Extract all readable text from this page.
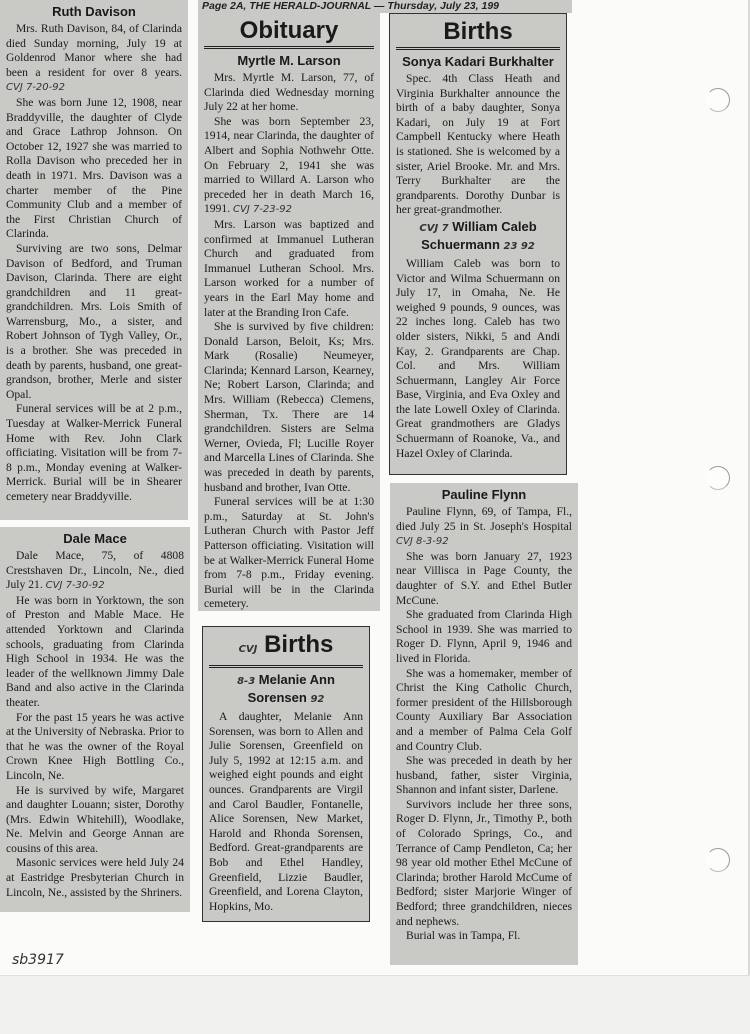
Page 2A, THE HERALD-JOURNAL — Thursday, July 23, 199
Ruth Davison

Mrs. Ruth Davison, 84, of Clarinda died Sunday morning, July 19 at Goldenrod Manor where she had been a resident for over 8 years. CVJ 7-20-92

She was born June 12, 1908, near Braddyville, the daughter of Clyde and Grace Lathrop Johnson. On October 12, 1927 she was married to Rolla Davison who preceded her in death in 1971. Mrs. Davison was a charter member of the Pine Community Club and a member of the First Christian Church of Clarinda.

Surviving are two sons, Delmar Davison of Bedford, and Truman Davison, Clarinda. There are eight grandchildren and 11 great-grandchildren. Mrs. Lois Smith of Warrensburg, Mo., a sister, and Robert Johnson of Tygh Valley, Or., is a brother. She was preceded in death by parents, husband, one great-grandson, brother, Merle and sister Opal.

Funeral services will be at 2 p.m., Tuesday at Walker-Merrick Funeral Home with Rev. John Clark officiating. Visitation will be from 7-8 p.m., Monday evening at Walker-Merrick. Burial will be in Shearer cemetery near Braddyville.

Dale Mace

Dale Mace, 75, of 4808 Crestshaven Dr., Lincoln, Ne., died July 21. CVJ 7-30-92

He was born in Yorktown, the son of Preston and Mable Mace. He attended Yorktown and Clarinda schools, graduating from Clarinda High School in 1934. He was the leader of the wellknown Jimmy Dale Band and also active in the Clarinda theater.

For the past 15 years he was active at the University of Nebraska. Prior to that he was the owner of the Royal Crown Knee High Bottling Co., Lincoln, Ne.

He is survived by wife, Margaret and daughter Louann; sister, Dorothy (Mrs. Edwin Whitehill), Woodlake, Ne. Melvin and George Annan are cousins of this area.

Masonic services were held July 24 at Eastridge Presbyterian Church in Lincoln, Ne., assisted by the Shriners.

Obituary
Myrtle M. Larson

Mrs. Myrtle M. Larson, 77, of Clarinda died Wednesday morning July 22 at her home.

She was born September 23, 1914, near Clarinda, the daughter of Albert and Sophia Nothwehr Otte. On February 2, 1941 she was married to Willard A. Larson who preceded her in death March 16, 1991. CVJ 7-23-92

Mrs. Larson was baptized and confirmed at Immanuel Lutheran Church and graduated from Immanuel Lutheran School. Mrs. Larson worked for a number of years in the Earl May home and later at the Branding Iron Cafe.

She is survived by five children: Donald Larson, Beloit, Ks; Mrs. Mark (Rosalie) Neumeyer, Clarinda; Kennard Larson, Kearney, Ne; Robert Larson, Clarinda; and Mrs. William (Rebecca) Clemens, Sherman, Tx. There are 14 grandchildren. Sisters are Selma Werner, Ovieda, Fl; Lucille Royer and Marcella Lines of Clarinda. She was preceded in death by parents, husband and brother, Ivan Otte.

Funeral services will be at 1:30 p.m., Saturday at St. John's Lutheran Church with Pastor Jeff Patterson officiating. Visitation will be at Walker-Merrick Funeral Home from 7-8 p.m., Friday evening. Burial will be in the Clarinda cemetery.

Births
Sonya Kadari Burkhalter

Spec. 4th Class Heath and Virginia Burkhalter announce the birth of a baby daughter, Sonya Kadari, on July 19 at Fort Campbell Kentucky where Heath is stationed. She is welcomed by a sister, Ariel Brooke. Mr. and Mrs. Terry Burkhalter are the grandparents. Dorothy Dunbar is her great-grandmother.

CVJ 7 William Caleb Schuermann 23 92

William Caleb was born to Victor and Wilma Schuermann on July 17, in Omaha, Ne. He weighed 9 pounds, 9 ounces, was 22 inches long. Caleb has two older sisters, Nikki, 5 and Andi Kay, 2. Grandparents are Chap. Col. and Mrs. William Schuermann, Langley Air Force Base, Virginia, and Eva Oxley and the late Lowell Oxley of Clarinda. Great grandmothers are Gladys Schuermann of Roanoke, Va., and Hazel Oxley of Clarinda.

Pauline Flynn

Pauline Flynn, 69, of Tampa, Fl., died July 25 in St. Joseph's Hospital CVJ 8-3-92

She was born January 27, 1923 near Villisca in Page County, the daughter of S.Y. and Ethel Butler McCune.

She graduated from Clarinda High School in 1939. She was married to Roger D. Flynn, April 9, 1946 and lived in Florida.

She was a homemaker, member of Christ the King Catholic Church, former president of the Hillsborough County Auxiliary Bar Association and a member of Palma Cela Golf and Country Club.

She was preceded in death by her husband, father, sister Virginia, Shannon and infant sister, Darlene.

Survivors include her three sons, Roger D. Flynn, Jr., Timothy P., both of Colorado Springs, Co., and Terrance of Camp Pendleton, Ca; her 98 year old mother Ethel McCune of Clarinda; brother Harold McCume of Bedford; sister Marjorie Winger of Bedford; three grandchildren, nieces and nephews.

Burial was in Tampa, Fl.

CVJ Births
8-3 Melanie Ann Sorensen 92

A daughter, Melanie Ann Sorensen, was born to Allen and Julie Sorensen, Greenfield on July 5, 1992 at 12:15 a.m. and weighed eight pounds and eight ounces. Grandparents are Virgil and Carol Baudler, Fontanelle, Alice Sorensen, New Market, Harold and Rhonda Sorensen, Bedford. Great-grandparents are Bob and Ethel Handley, Greenfield, Lizzie Baudler, Greenfield, and Lorena Clayton, Hopkins, Mo.

sb3917
